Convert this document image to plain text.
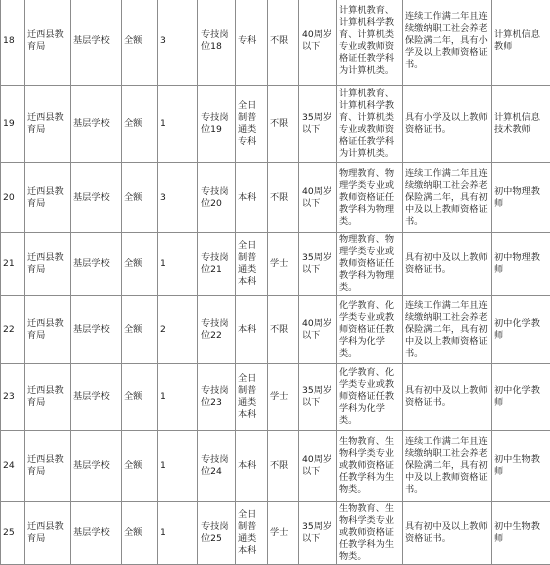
18	迁西县教育局	基层学校	全额	3	专技岗位18	专科	不限	40周岁以下	计算机教育、计算机科学教育、计算机类专业或教师资格证任教学科为计算机类。	连续工作满二年且连续缴纳职工社会养老保险满二年，具有小学及以上教师资格证书。	计算机信息教师
19	迁西县教育局	基层学校	全额	1	专技岗位19	全日制普通类专科	不限	35周岁以下	计算机教育、计算机科学教育、计算机类专业或教师资格证任教学科为计算机类。	具有小学及以上教师资格证书。	计算机信息技术教师
20	迁西县教育局	基层学校	全额	3	专技岗位20	本科	不限	40周岁以下	物理教育、物理学类专业或教师资格证任教学科为物理类。	连续工作满二年且连续缴纳职工社会养老保险满二年，具有初中及以上教师资格证书。	初中物理教师
21	迁西县教育局	基层学校	全额	1	专技岗位21	全日制普通类本科	学士	35周岁以下	物理教育、物理学类专业或教师资格证任教学科为物理类。	具有初中及以上教师资格证书。	初中物理教师
22	迁西县教育局	基层学校	全额	2	专技岗位22	本科	不限	40周岁以下	化学教育、化学类专业或教师资格证任教学科为化学类。	连续工作满二年且连续缴纳职工社会养老保险满二年，具有初中及以上教师资格证书。	初中化学教师
23	迁西县教育局	基层学校	全额	1	专技岗位23	全日制普通类本科	学士	35周岁以下	化学教育、化学类专业或教师资格证任教学科为化学类。	具有初中及以上教师资格证书。	初中化学教师
24	迁西县教育局	基层学校	全额	1	专技岗位24	本科	不限	40周岁以下	生物教育、生物科学类专业或教师资格证任教学科为生物类。	连续工作满二年且连续缴纳职工社会养老保险满二年，具有初中及以上教师资格证书。	初中生物教师
25	迁西县教育局	基层学校	全额	1	专技岗位25	全日制普通类本科	学士	35周岁以下	生物教育、生物科学类专业或教师资格证任教学科为生物类。	具有初中及以上教师资格证书。	初中生物教师
